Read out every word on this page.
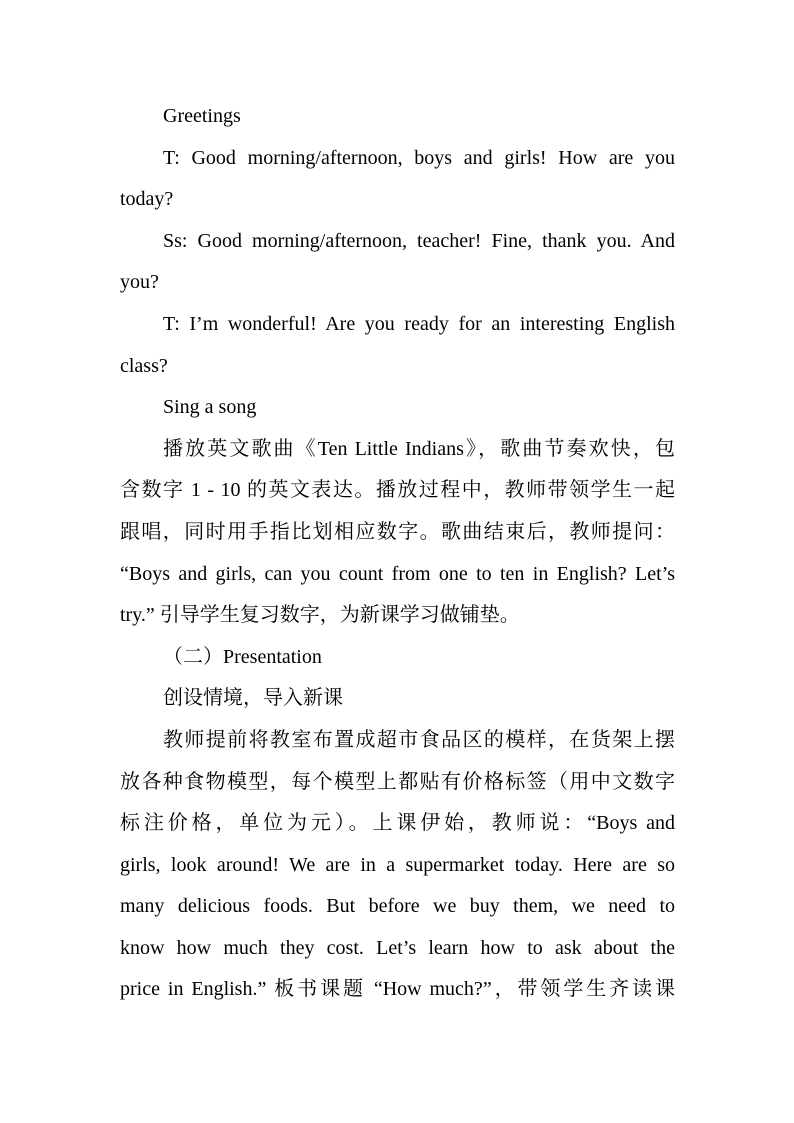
Greetings
T: Good morning/afternoon, boys and girls! How are you
today?
Ss: Good morning/afternoon, teacher! Fine, thank you. And
you?
T: I’m wonderful! Are you ready for an interesting English
class?
Sing a song
播放英文歌曲《Ten Little Indians》，歌曲节奏欢快，包
含数字 1 - 10 的英文表达。播放过程中，教师带领学生一起
跟唱，同时用手指比划相应数字。歌曲结束后，教师提问：
“Boys and girls, can you count from one to ten in English? Let’s
try.” 引导学生复习数字，为新课学习做铺垫。
（二）Presentation
创设情境，导入新课
教师提前将教室布置成超市食品区的模样，在货架上摆
放各种食物模型，每个模型上都贴有价格标签（用中文数字
标注价格，单位为元）。上课伊始，教师说：“Boys and
girls, look around! We are in a supermarket today. Here are so
many delicious foods. But before we buy them, we need to
know how much they cost. Let’s learn how to ask about the
price in English.” 板书课题 “How much?”，带领学生齐读课
